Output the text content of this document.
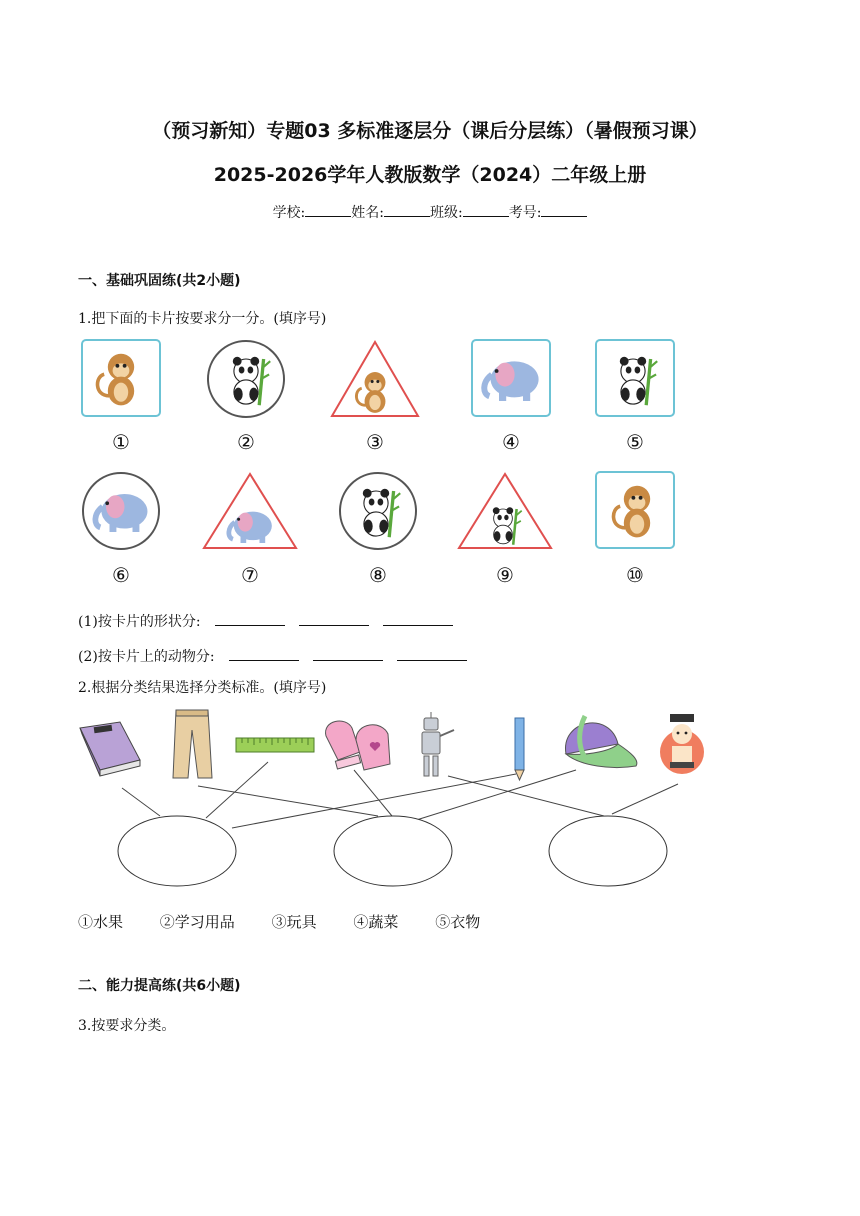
（预习新知）专题03 多标准逐层分（课后分层练）（暑假预习课）
2025-2026学年人教版数学（2024）二年级上册
学校:	姓名:	班级:	考号:
一、基础巩固练(共2小题)
1.把下面的卡片按要求分一分。(填序号)
①	②	③	④	⑤
⑥	⑦	⑧	⑨	⑩
(1)按卡片的形状分:
(2)按卡片上的动物分:
2.根据分类结果选择分类标准。(填序号)
①水果 ②学习用品 ③玩具 ④蔬菜 ⑤衣物
二、能力提高练(共6小题)
3.按要求分类。
